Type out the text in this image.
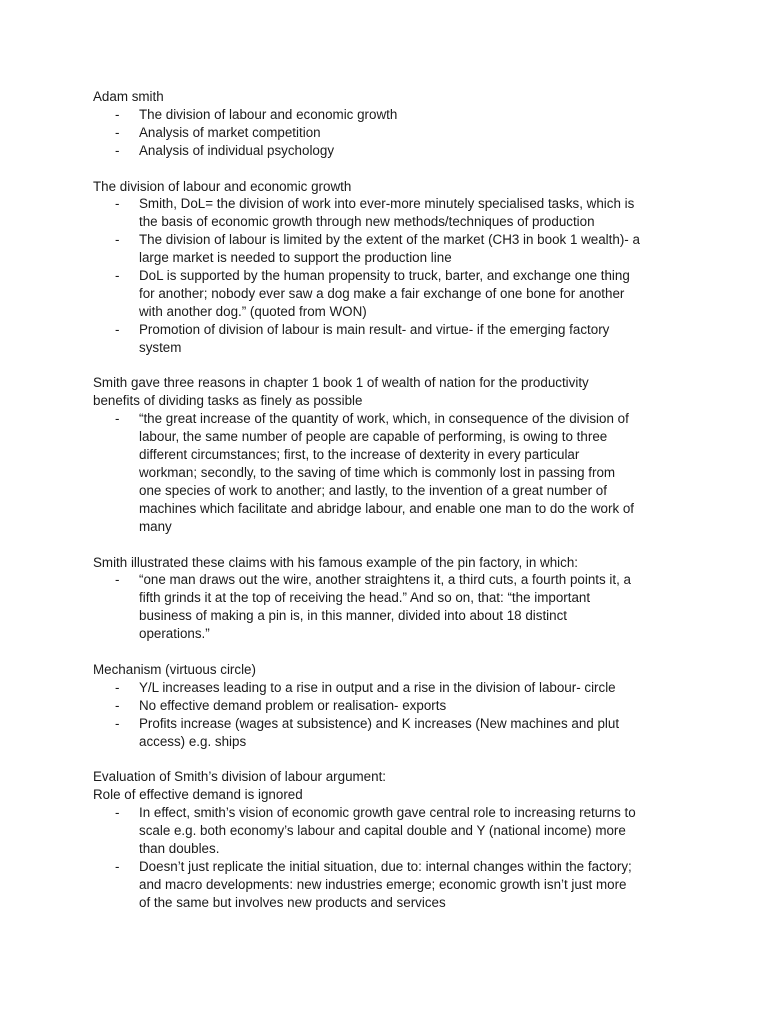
Adam smith
- The division of labour and economic growth
- Analysis of market competition
- Analysis of individual psychology
The division of labour and economic growth
- Smith, DoL= the division of work into ever-more minutely specialised tasks, which is
the basis of economic growth through new methods/techniques of production
- The division of labour is limited by the extent of the market (CH3 in book 1 wealth)- a
large market is needed to support the production line
- DoL is supported by the human propensity to truck, barter, and exchange one thing
for another; nobody ever saw a dog make a fair exchange of one bone for another
with another dog.” (quoted from WON)
- Promotion of division of labour is main result- and virtue- if the emerging factory
system
Smith gave three reasons in chapter 1 book 1 of wealth of nation for the productivity
benefits of dividing tasks as finely as possible
- “the great increase of the quantity of work, which, in consequence of the division of
labour, the same number of people are capable of performing, is owing to three
different circumstances; first, to the increase of dexterity in every particular
workman; secondly, to the saving of time which is commonly lost in passing from
one species of work to another; and lastly, to the invention of a great number of
machines which facilitate and abridge labour, and enable one man to do the work of
many
Smith illustrated these claims with his famous example of the pin factory, in which:
- “one man draws out the wire, another straightens it, a third cuts, a fourth points it, a
fifth grinds it at the top of receiving the head.” And so on, that: “the important
business of making a pin is, in this manner, divided into about 18 distinct
operations.”
Mechanism (virtuous circle)
- Y/L increases leading to a rise in output and a rise in the division of labour- circle
- No effective demand problem or realisation- exports
- Profits increase (wages at subsistence) and K increases (New machines and plut
access) e.g. ships
Evaluation of Smith’s division of labour argument:
Role of effective demand is ignored
- In effect, smith’s vision of economic growth gave central role to increasing returns to
scale e.g. both economy’s labour and capital double and Y (national income) more
than doubles.
- Doesn’t just replicate the initial situation, due to: internal changes within the factory;
and macro developments: new industries emerge; economic growth isn’t just more
of the same but involves new products and services
